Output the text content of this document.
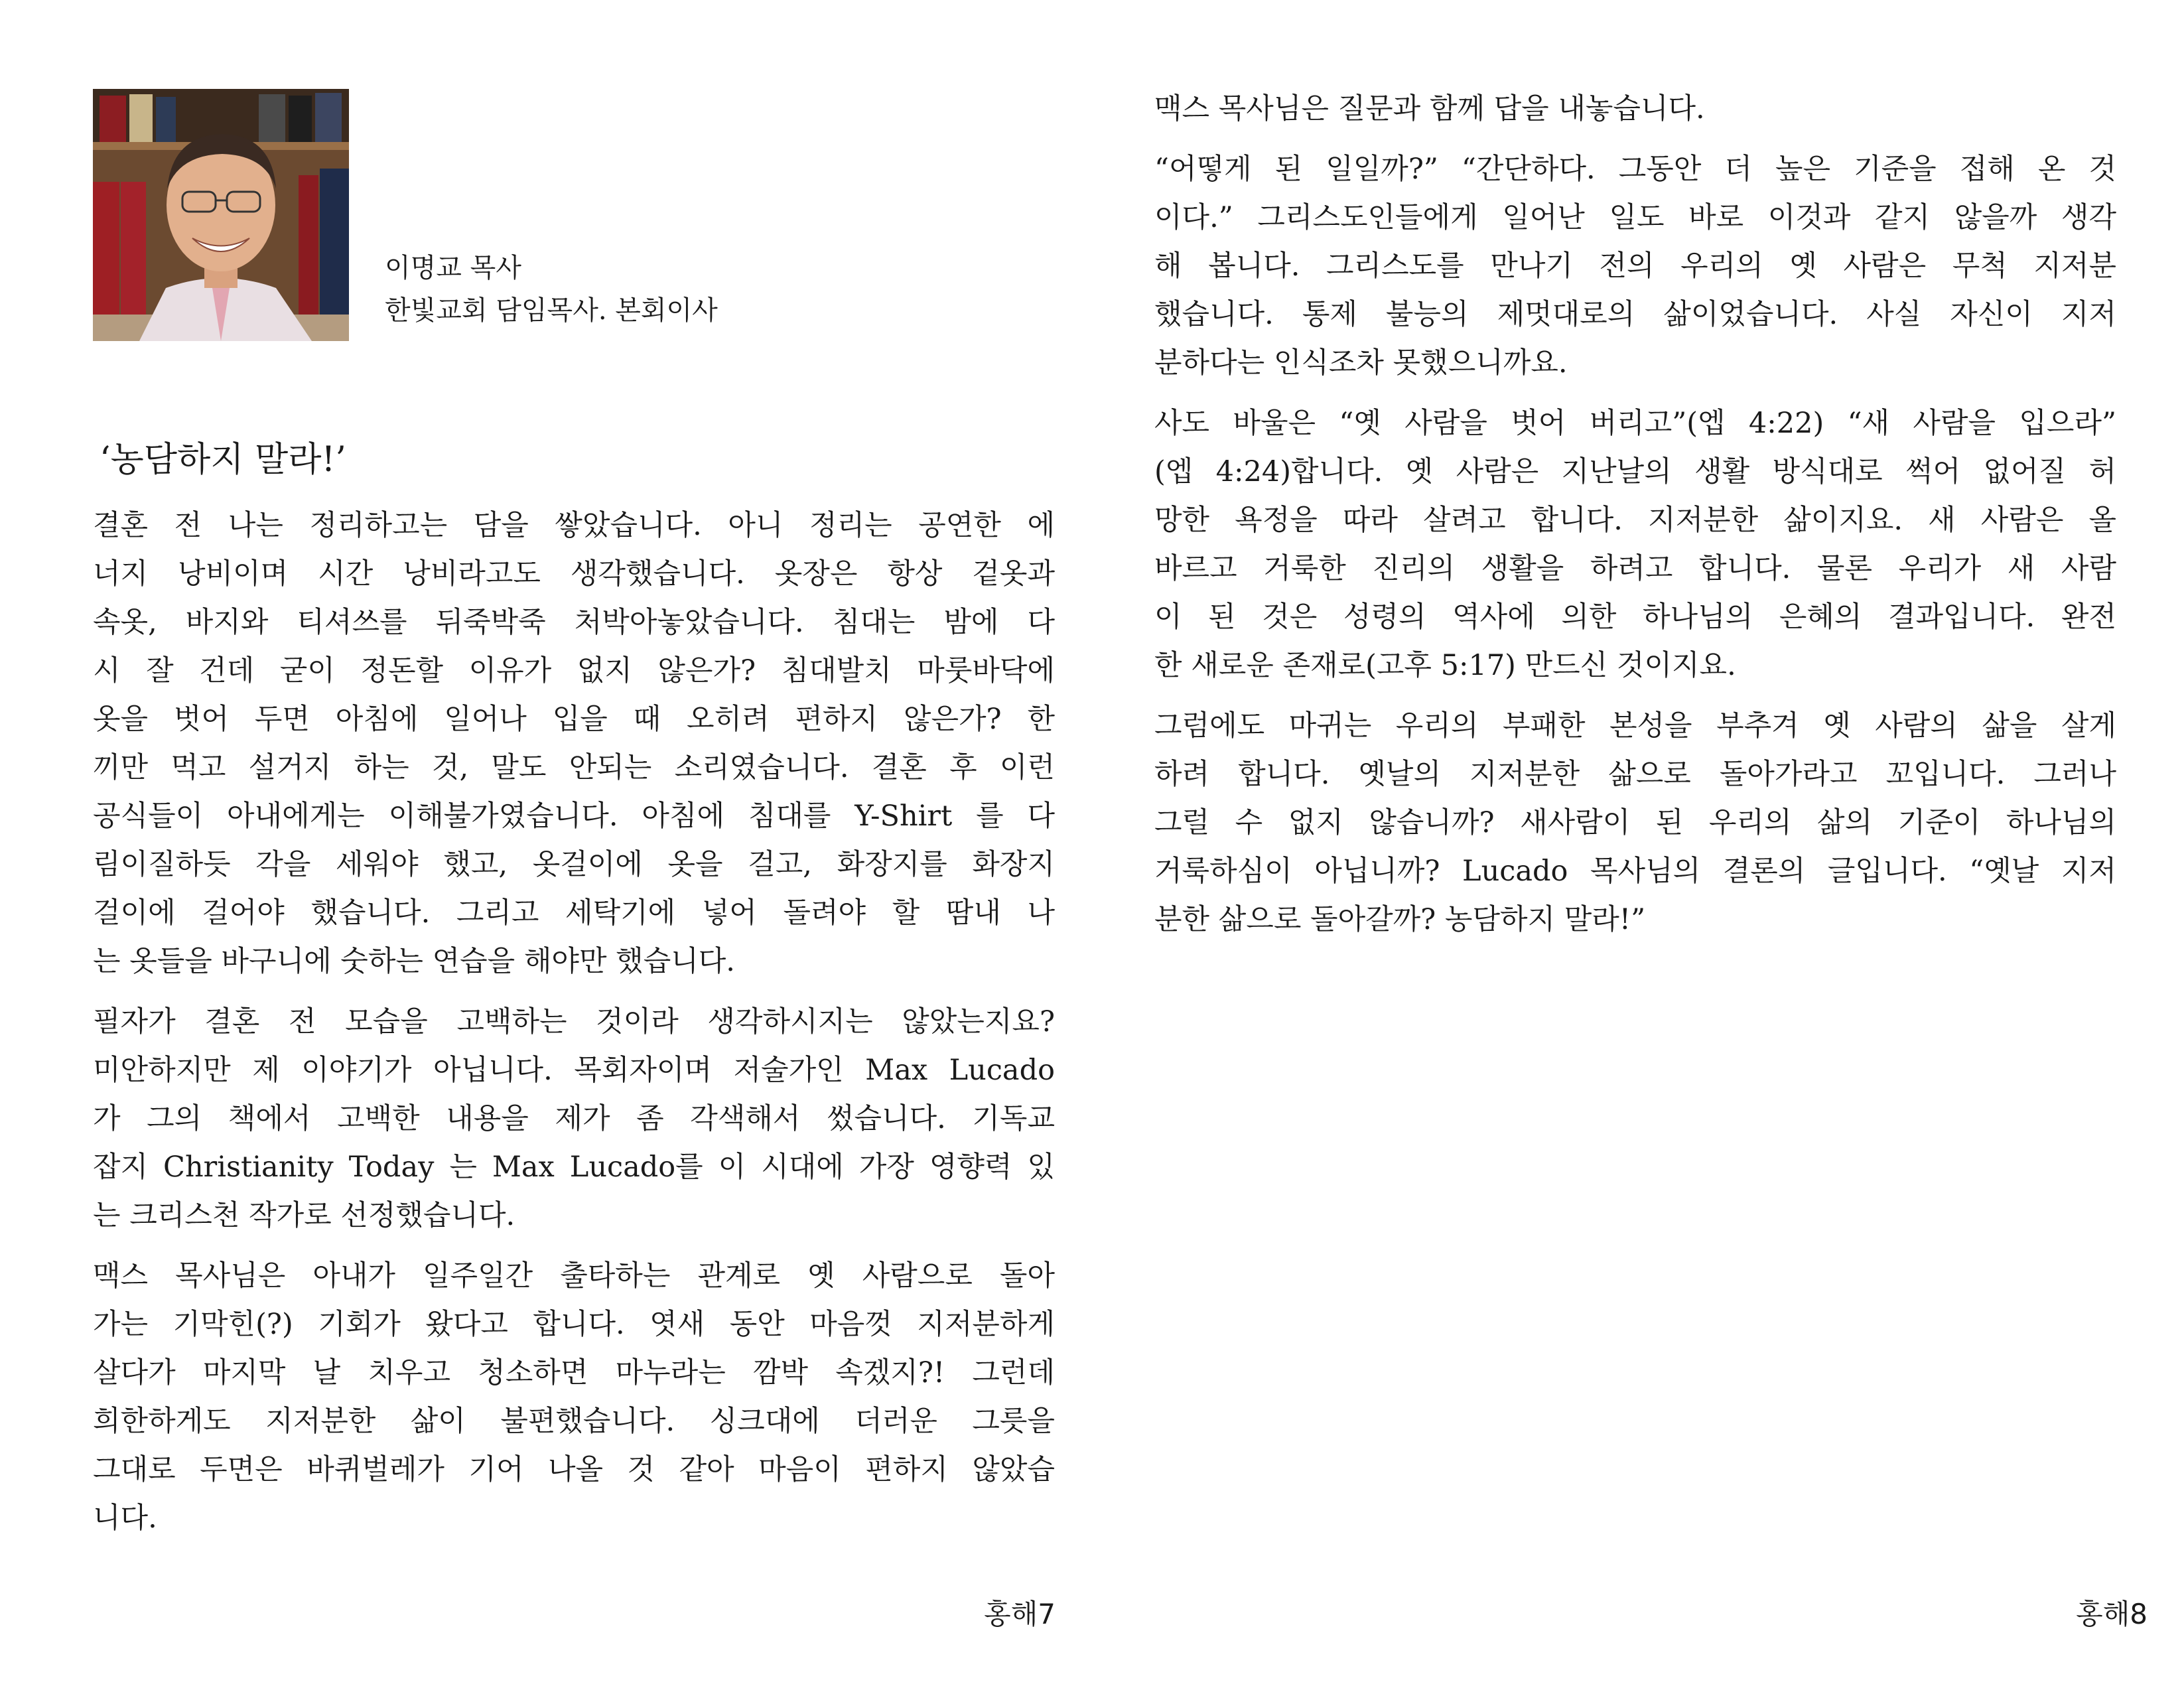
이명교 목사
한빛교회 담임목사. 본회이사
‘농담하지 말라!’
결혼 전 나는 정리하고는 담을 쌓았습니다. 아니 정리는 공연한 에
너지 낭비이며 시간 낭비라고도 생각했습니다. 옷장은 항상 겉옷과
속옷, 바지와 티셔쓰를 뒤죽박죽 처박아놓았습니다. 침대는 밤에 다
시 잘 건데 굳이 정돈할 이유가 없지 않은가? 침대발치 마룻바닥에
옷을 벗어 두면 아침에 일어나 입을 때 오히려 편하지 않은가? 한
끼만 먹고 설거지 하는 것, 말도 안되는 소리였습니다. 결혼 후 이런
공식들이 아내에게는 이해불가였습니다. 아침에 침대를 Y-Shirt 를 다
림이질하듯 각을 세워야 했고, 옷걸이에 옷을 걸고, 화장지를 화장지
걸이에 걸어야 했습니다. 그리고 세탁기에 넣어 돌려야 할 땀내 나
는 옷들을 바구니에 숫하는 연습을 해야만 했습니다.
필자가 결혼 전 모습을 고백하는 것이라 생각하시지는 않았는지요?
미안하지만 제 이야기가 아닙니다. 목회자이며 저술가인 Max Lucado
가 그의 책에서 고백한 내용을 제가 좀 각색해서 썼습니다. 기독교
잡지 Christianity Today 는 Max Lucado를 이 시대에 가장 영향력 있
는 크리스천 작가로 선정했습니다.
맥스 목사님은 아내가 일주일간 출타하는 관계로 옛 사람으로 돌아
가는 기막힌(?) 기회가 왔다고 합니다. 엿새 동안 마음껏 지저분하게
살다가 마지막 날 치우고 청소하면 마누라는 깜박 속겠지?! 그런데
희한하게도 지저분한 삶이 불편했습니다. 싱크대에 더러운 그릇을
그대로 두면은 바퀴벌레가 기어 나올 것 같아 마음이 편하지 않았습
니다.
홍해7
맥스 목사님은 질문과 함께 답을 내놓습니다.
“어떻게 된 일일까?” “간단하다. 그동안 더 높은 기준을 접해 온 것
이다.” 그리스도인들에게 일어난 일도 바로 이것과 같지 않을까 생각
해 봅니다. 그리스도를 만나기 전의 우리의 옛 사람은 무척 지저분
했습니다. 통제 불능의 제멋대로의 삶이었습니다. 사실 자신이 지저
분하다는 인식조차 못했으니까요.
사도 바울은 “옛 사람을 벗어 버리고”(엡 4:22) “새 사람을 입으라”
(엡 4:24)합니다. 옛 사람은 지난날의 생활 방식대로 썩어 없어질 허
망한 욕정을 따라 살려고 합니다. 지저분한 삶이지요. 새 사람은 올
바르고 거룩한 진리의 생활을 하려고 합니다. 물론 우리가 새 사람
이 된 것은 성령의 역사에 의한 하나님의 은혜의 결과입니다. 완전
한 새로운 존재로(고후 5:17) 만드신 것이지요.
그럼에도 마귀는 우리의 부패한 본성을 부추겨 옛 사람의 삶을 살게
하려 합니다. 옛날의 지저분한 삶으로 돌아가라고 꼬입니다. 그러나
그럴 수 없지 않습니까? 새사람이 된 우리의 삶의 기준이 하나님의
거룩하심이 아닙니까? Lucado 목사님의 결론의 글입니다. “옛날 지저
분한 삶으로 돌아갈까? 농담하지 말라!”
홍해8
